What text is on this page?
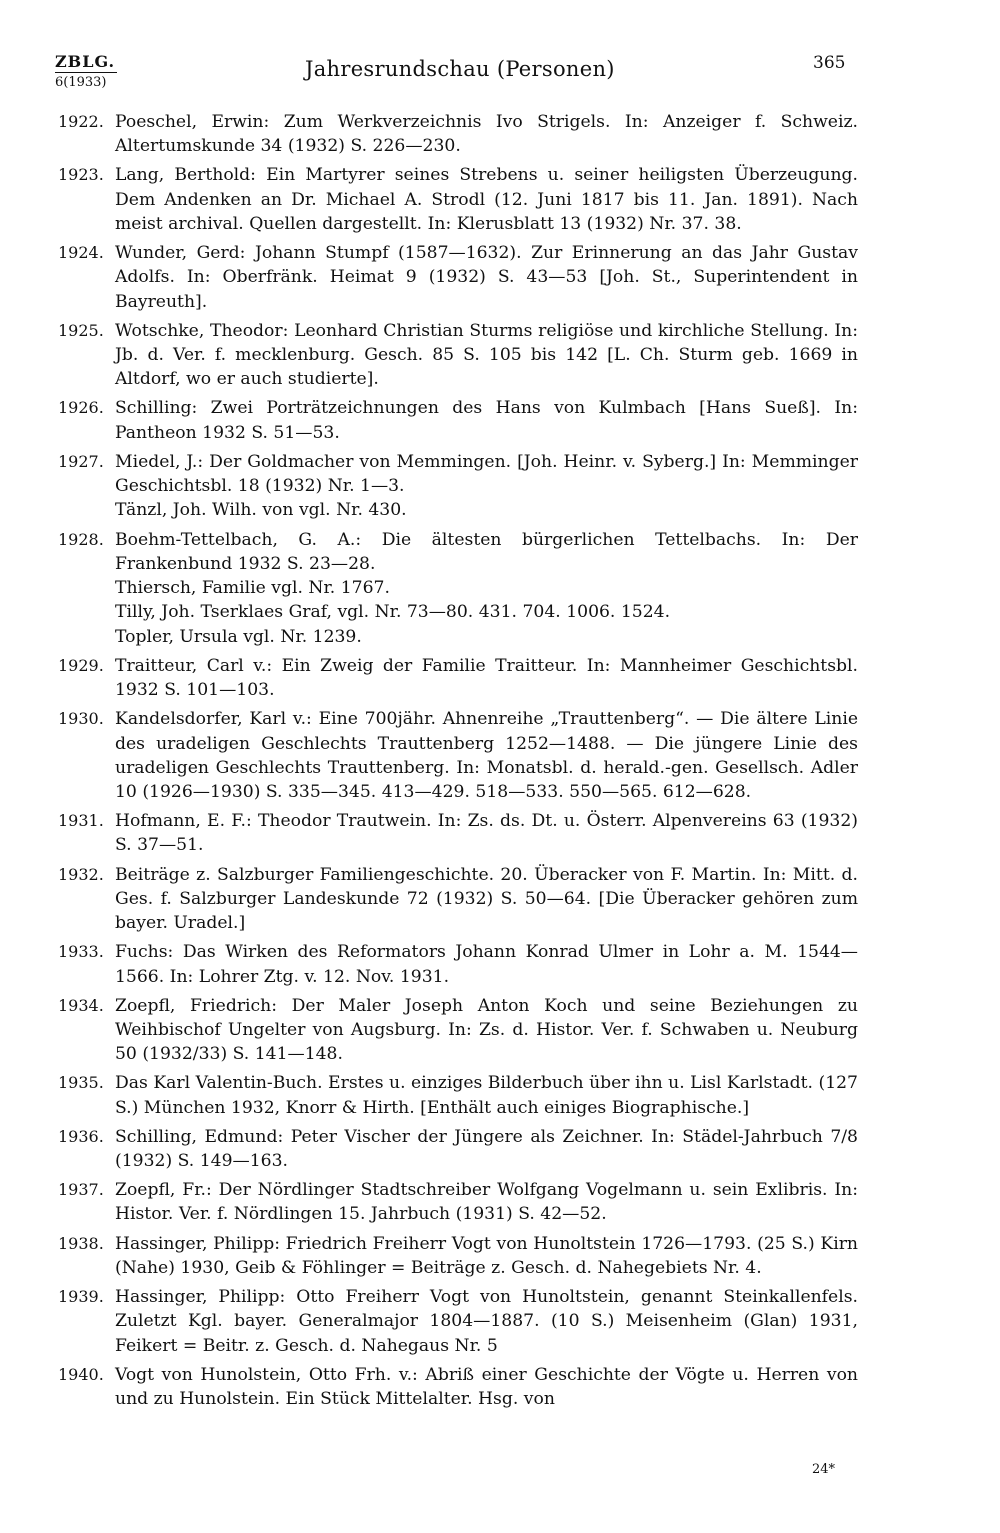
ZBLG.
6(1933)
Jahresrundschau (Personen)	365
1922. Poeschel, Erwin: Zum Werkverzeichnis Ivo Strigels. In: Anzeiger f. Schweiz. Altertumskunde 34 (1932) S. 226—230.
1923. Lang, Berthold: Ein Martyrer seines Strebens u. seiner heiligsten Überzeugung. Dem Andenken an Dr. Michael A. Strodl (12. Juni 1817 bis 11. Jan. 1891). Nach meist archival. Quellen dargestellt. In: Klerusblatt 13 (1932) Nr. 37. 38.
1924. Wunder, Gerd: Johann Stumpf (1587—1632). Zur Erinnerung an das Jahr Gustav Adolfs. In: Oberfränk. Heimat 9 (1932) S. 43—53 [Joh. St., Superintendent in Bayreuth].
1925. Wotschke, Theodor: Leonhard Christian Sturms religiöse und kirchliche Stellung. In: Jb. d. Ver. f. mecklenburg. Gesch. 85 S. 105 bis 142 [L. Ch. Sturm geb. 1669 in Altdorf, wo er auch studierte].
1926. Schilling: Zwei Porträtzeichnungen des Hans von Kulmbach [Hans Sueß]. In: Pantheon 1932 S. 51—53.
1927. Miedel, J.: Der Goldmacher von Memmingen. [Joh. Heinr. v. Syberg.] In: Memminger Geschichtsbl. 18 (1932) Nr. 1—3.
Tänzl, Joh. Wilh. von vgl. Nr. 430.
1928. Boehm-Tettelbach, G. A.: Die ältesten bürgerlichen Tettelbachs. In: Der Frankenbund 1932 S. 23—28.
Thiersch, Familie vgl. Nr. 1767.
Tilly, Joh. Tserklaes Graf, vgl. Nr. 73—80. 431. 704. 1006. 1524.
Topler, Ursula vgl. Nr. 1239.
1929. Traitteur, Carl v.: Ein Zweig der Familie Traitteur. In: Mannheimer Geschichtsbl. 1932 S. 101—103.
1930. Kandelsdorfer, Karl v.: Eine 700jähr. Ahnenreihe „Trauttenberg“. — Die ältere Linie des uradeligen Geschlechts Trauttenberg 1252—1488. — Die jüngere Linie des uradeligen Geschlechts Trauttenberg. In: Monatsbl. d. herald.-gen. Gesellsch. Adler 10 (1926—1930) S. 335—345. 413—429. 518—533. 550—565. 612—628.
1931. Hofmann, E. F.: Theodor Trautwein. In: Zs. ds. Dt. u. Österr. Alpenvereins 63 (1932) S. 37—51.
1932. Beiträge z. Salzburger Familiengeschichte. 20. Überacker von F. Martin. In: Mitt. d. Ges. f. Salzburger Landeskunde 72 (1932) S. 50—64. [Die Überacker gehören zum bayer. Uradel.]
1933. Fuchs: Das Wirken des Reformators Johann Konrad Ulmer in Lohr a. M. 1544—1566. In: Lohrer Ztg. v. 12. Nov. 1931.
1934. Zoepfl, Friedrich: Der Maler Joseph Anton Koch und seine Beziehungen zu Weihbischof Ungelter von Augsburg. In: Zs. d. Histor. Ver. f. Schwaben u. Neuburg 50 (1932/33) S. 141—148.
1935. Das Karl Valentin-Buch. Erstes u. einziges Bilderbuch über ihn u. Lisl Karlstadt. (127 S.) München 1932, Knorr & Hirth. [Enthält auch einiges Biographische.]
1936. Schilling, Edmund: Peter Vischer der Jüngere als Zeichner. In: Städel-Jahrbuch 7/8 (1932) S. 149—163.
1937. Zoepfl, Fr.: Der Nördlinger Stadtschreiber Wolfgang Vogelmann u. sein Exlibris. In: Histor. Ver. f. Nördlingen 15. Jahrbuch (1931) S. 42—52.
1938. Hassinger, Philipp: Friedrich Freiherr Vogt von Hunoltstein 1726—1793. (25 S.) Kirn (Nahe) 1930, Geib & Föhlinger = Beiträge z. Gesch. d. Nahegebiets Nr. 4.
1939. Hassinger, Philipp: Otto Freiherr Vogt von Hunoltstein, genannt Steinkallenfels. Zuletzt Kgl. bayer. Generalmajor 1804—1887. (10 S.) Meisenheim (Glan) 1931, Feikert = Beitr. z. Gesch. d. Nahegaus Nr. 5
1940. Vogt von Hunolstein, Otto Frh. v.: Abriß einer Geschichte der Vögte u. Herren von und zu Hunolstein. Ein Stück Mittelalter. Hsg. von
24*
